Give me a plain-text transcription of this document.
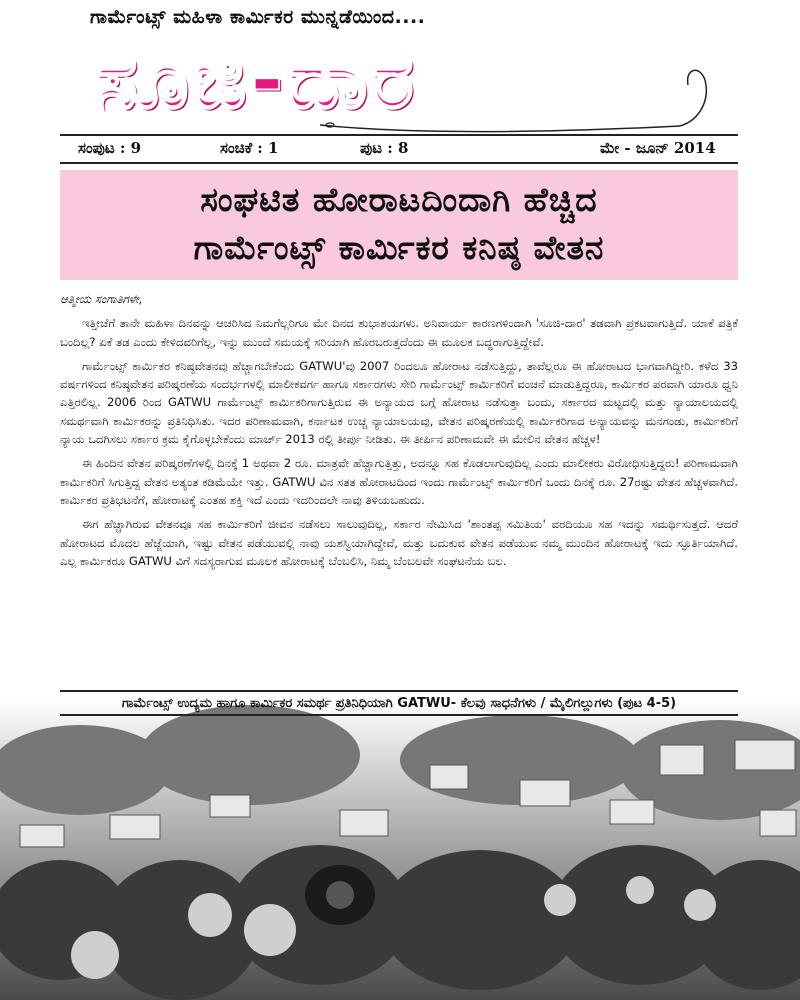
ಗಾರ್ಮೆಂಟ್ಸ್ ಮಹಿಳಾ ಕಾರ್ಮಿಕರ ಮುನ್ನಡೆಯಿಂದ....
ಸೂಜಿ-ದಾರ
ಸಂಪುಟ : 9	ಸಂಚಿಕೆ : 1	ಪುಟ : 8	ಮೇ - ಜೂನ್ 2014
ಸಂಘಟಿತ ಹೋರಾಟದಿಂದಾಗಿ ಹೆಚ್ಚಿದ
ಗಾರ್ಮೆಂಟ್ಸ್ ಕಾರ್ಮಿಕರ ಕನಿಷ್ಠ ವೇತನ

ಆತ್ಮೀಯ ಸಂಗಾತಿಗಳೇ,

ಇತ್ತೀಚೆಗೆ ತಾನೇ ಮಹಿಳಾ ದಿನವನ್ನು ಆಚರಿಸಿದ ನಿಮಗೆಲ್ಲರಿಗೂ ಮೇ ದಿನದ ಶುಭಾಶಯಗಳು. ಅನಿವಾರ್ಯ ಕಾರಣಗಳಿಂದಾಗಿ 'ಸೂಜಿ-ದಾರ' ತಡವಾಗಿ ಪ್ರಕಟವಾಗುತ್ತಿದೆ. ಯಾಕೆ ಪತ್ರಿಕೆ ಬಂದಿಲ್ಲ? ಏಕೆ ತಡ ಎಂದು ಕೇಳಿದವರಿಗೆಲ್ಲ, ಇನ್ನು ಮುಂದೆ ಸಮಯಕ್ಕೆ ಸರಿಯಾಗಿ ಹೊರಬರುತ್ತದೆಂದು ಈ ಮೂಲಕ ಬದ್ಧರಾಗುತ್ತಿದ್ದೇವೆ.

ಗಾರ್ಮೆಂಟ್ಸ್ ಕಾರ್ಮಿಕರ ಕನಿಷ್ಠವೇತನವು ಹೆಚ್ಚಾಗಬೇಕೆಂದು GATWU'ವು 2007 ರಿಂದಲೂ ಹೋರಾಟ ನಡೆಸುತ್ತಿದ್ದು, ತಾವೆಲ್ಲರೂ ಈ ಹೋರಾಟದ ಭಾಗವಾಗಿದ್ದೀರಿ. ಕಳೆದ 33 ವರ್ಷಗಳಿಂದ ಕನಿಷ್ಠವೇತನ ಪರಿಷ್ಕರಣೆಯ ಸಂದರ್ಭಗಳಲ್ಲಿ ಮಾಲೀಕವರ್ಗ ಹಾಗೂ ಸರ್ಕಾರಗಳು ಸೇರಿ ಗಾರ್ಮೆಂಟ್ಸ್ ಕಾರ್ಮಿಕರಿಗೆ ವಂಚನೆ ಮಾಡುತ್ತಿದ್ದರೂ, ಕಾರ್ಮಿಕರ ಪರವಾಗಿ ಯಾರೂ ಧ್ವನಿ ಎತ್ತಿರಲಿಲ್ಲ. 2006 ರಿಂದ GATWU ಗಾರ್ಮೆಂಟ್ಸ್ ಕಾರ್ಮಿಕರಿಗಾಗುತ್ತಿರುವ ಈ ಅನ್ಯಾಯದ ಬಗ್ಗೆ ಹೋರಾಟ ನಡೆಸುತ್ತಾ ಬಂದು, ಸರ್ಕಾರದ ಮಟ್ಟದಲ್ಲಿ ಮತ್ತು ನ್ಯಾಯಾಲಯದಲ್ಲಿ ಸಮರ್ಥವಾಗಿ ಕಾರ್ಮಿಕರನ್ನು ಪ್ರತಿನಿಧಿಸಿತು. ಇದರ ಪರಿಣಾಮವಾಗಿ, ಕರ್ನಾಟಕ ಉಚ್ಚ ನ್ಯಾಯಾಲಯವು, ವೇತನ ಪರಿಷ್ಕರಣೆಯಲ್ಲಿ ಕಾರ್ಮಿಕರಿಗಾದ ಅನ್ಯಾಯವನ್ನು ಮನಗಂಡು, ಕಾರ್ಮಿಕರಿಗೆ ನ್ಯಾಯ ಒದಗಿಸಲು ಸರ್ಕಾರ ಕ್ರಮ ಕೈಗೊಳ್ಳಬೇಕೆಂದು ಮಾರ್ಚ್ 2013 ರಲ್ಲಿ ತೀರ್ಪು ನೀಡಿತು. ಈ ತೀರ್ಪಿನ ಪರಿಣಾಮವೇ ಈ ಮೇಲಿನ ವೇತನ ಹೆಚ್ಚಳ!

ಈ ಹಿಂದಿನ ವೇತನ ಪರಿಷ್ಕರಣೆಗಳಲ್ಲಿ ದಿನಕ್ಕೆ 1 ಅಥವಾ 2 ರೂ. ಮಾತ್ರವೇ ಹೆಚ್ಚಾಗುತ್ತಿತ್ತು, ಅದನ್ನೂ ಸಹ ಕೊಡಲಾಗುವುದಿಲ್ಲ ಎಂದು ಮಾಲೀಕರು ವಿರೋಧಿಸುತ್ತಿದ್ದರು! ಪರಿಣಾಮವಾಗಿ ಕಾರ್ಮಿಕರಿಗೆ ಸಿಗುತ್ತಿದ್ದ ವೇತನ ಅತ್ಯಂತ ಕಡಿಮೆಯೇ ಇತ್ತು. GATWU ವಿನ ಸತತ ಹೋರಾಟದಿಂದ ಇಂದು ಗಾರ್ಮೆಂಟ್ಸ್ ಕಾರ್ಮಿಕರಿಗೆ ಒಂದು ದಿನಕ್ಕೆ ರೂ. 27ರಷ್ಟು ವೇತನ ಹೆಚ್ಚಳವಾಗಿದೆ. ಕಾರ್ಮಿಕರ ಪ್ರತಿಭಟನೆಗೆ, ಹೋರಾಟಕ್ಕೆ ಎಂತಹ ಶಕ್ತಿ ಇದೆ ಎಂದು ಇದರಿಂದಲೇ ನಾವು ತಿಳಿಯಬಹುದು.

ಈಗ ಹೆಚ್ಚಾಗಿರುವ ವೇತನವೂ ಸಹ ಕಾರ್ಮಿಕರಿಗೆ ಜೀವನ ನಡೆಸಲು ಸಾಲುವುದಿಲ್ಲ, ಸರ್ಕಾರ ನೇಮಿಸಿದ 'ಶಾಂತಪ್ಪ ಸಮಿತಿಯ' ವರದಿಯೂ ಸಹ ಇದನ್ನು ಸಮರ್ಥಿಸುತ್ತದೆ. ಆದರೆ ಹೋರಾಟದ ಮೊದಲ ಹೆಜ್ಜೆಯಾಗಿ, ಇಷ್ಟು ವೇತನ ಪಡೆಯುವಲ್ಲಿ ನಾವು ಯಶಸ್ವಿಯಾಗಿದ್ದೇವೆ, ಮತ್ತು ಬದುಕುವ ವೇತನ ಪಡೆಯುವ ನಮ್ಮ ಮುಂದಿನ ಹೋರಾಟಕ್ಕೆ ಇದು ಸ್ಫೂರ್ತಿಯಾಗಿದೆ. ಎಲ್ಲ ಕಾರ್ಮಿಕರೂ GATWU ವಿಗೆ ಸದಸ್ಯರಾಗುವ ಮೂಲಕ ಹೋರಾಟಕ್ಕೆ ಬೆಂಬಲಿಸಿ, ನಿಮ್ಮ ಬೆಂಬಲವೇ ಸಂಘಟನೆಯ ಬಲ.

ಗಾರ್ಮೆಂಟ್ಸ್ ಉದ್ಯಮ ಹಾಗೂ ಕಾರ್ಮಿಕರ ಸಮರ್ಥ ಪ್ರತಿನಿಧಿಯಾಗಿ GATWU- ಕೆಲವು ಸಾಧನೆಗಳು / ಮೈಲಿಗಲ್ಲುಗಳು (ಪುಟ 4-5)
